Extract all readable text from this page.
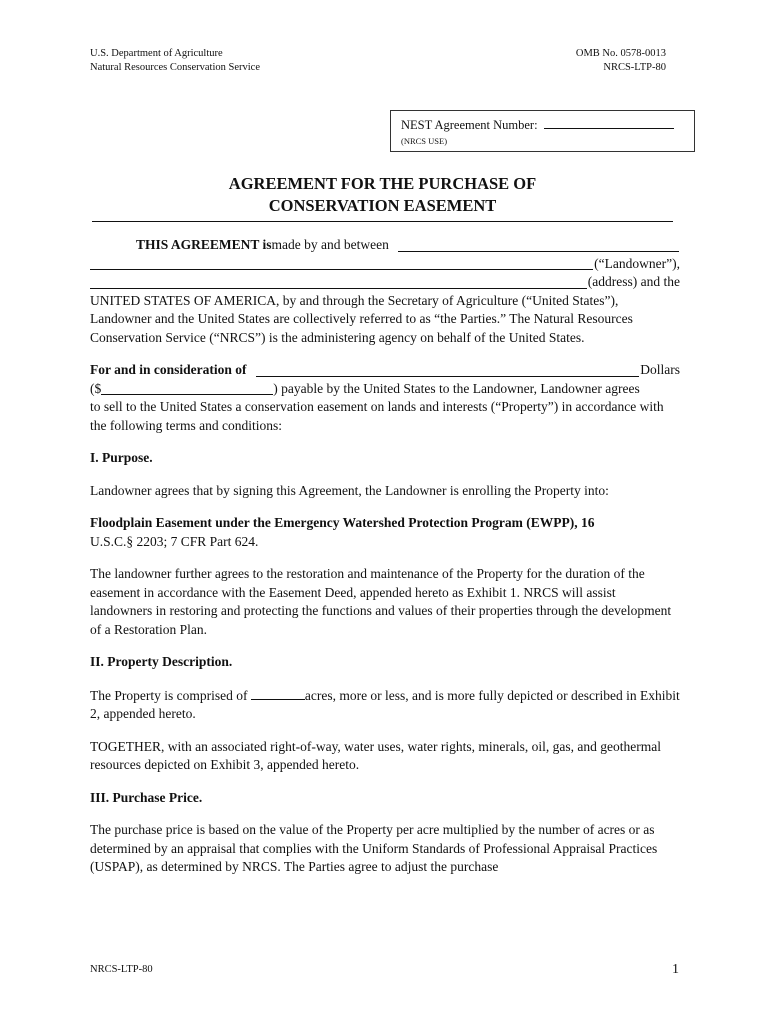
U.S. Department of Agriculture
Natural Resources Conservation Service
OMB No. 0578-0013
NRCS-LTP-80
NEST Agreement Number:
(NRCS USE)
AGREEMENT FOR THE PURCHASE OF
CONSERVATION EASEMENT
THIS AGREEMENT is made by and between
(“Landowner”),
(address) and the

UNITED STATES OF AMERICA, by and through the Secretary of Agriculture (“United States”), Landowner and the United States are collectively referred to as “the Parties.” The Natural Resources Conservation Service (“NRCS”) is the administering agency on behalf of the United States.

For and in consideration of	Dollars
($	) payable by the United States to the Landowner, Landowner agrees

to sell to the United States a conservation easement on lands and interests (“Property”) in accordance with the following terms and conditions:

I. Purpose.

Landowner agrees that by signing this Agreement, the Landowner is enrolling the Property into:

Floodplain Easement under the Emergency Watershed Protection Program (EWPP), 16
U.S.C.§ 2203; 7 CFR Part 624.

The landowner further agrees to the restoration and maintenance of the Property for the duration of the easement in accordance with the Easement Deed, appended hereto as Exhibit 1. NRCS will assist landowners in restoring and protecting the functions and values of their properties through the development of a Restoration Plan.

II. Property Description.

The Property is comprised of	acres, more or less, and is more fully depicted or described in Exhibit 2, appended hereto.

TOGETHER, with an associated right-of-way, water uses, water rights, minerals, oil, gas, and geothermal resources depicted on Exhibit 3, appended hereto.

III. Purchase Price.

The purchase price is based on the value of the Property per acre multiplied by the number of acres or as determined by an appraisal that complies with the Uniform Standards of Professional Appraisal Practices (USPAP), as determined by NRCS. The Parties agree to adjust the purchase

NRCS-LTP-80	1
